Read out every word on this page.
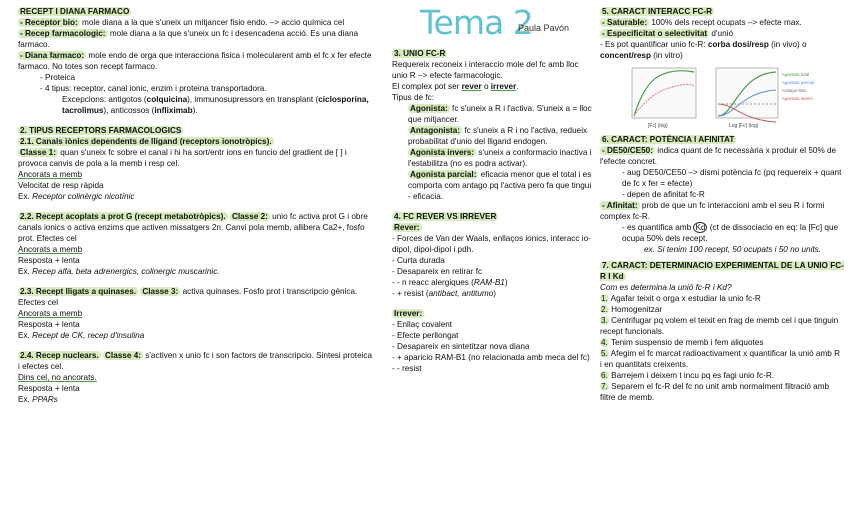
Tema 2
Paula Pavón

RECEPT I DIANA FARMACO

- Receptor bio: mole diana a la que s'uneix un mitjancer fisio endo. –> accio química cel

- Recep farmacologic: mole diana a la que s'uneix un fc i desencadena acció. Es una diana farmaco.

- Diana farmaco: mole endo de orga que interacciona fisica i molecularent amb el fc x fer efecte farmaco. No totes son recept farmaco.

- Proteica

- 4 tipus: receptor, canal ionic, enzim i proteina transportadora.

Excepcions: antigotos (colquicina), immunosupressors en transplant (ciclosporina, tacrolimus), anticossos (infliximab).

2. TIPUS RECEPTORS FARMACOLOGICS

2.1. Canals iònics dependents de lligand (receptors ionotròpics).

Classe 1: quan s'uneix fc sobre el canal i hi ha sort/entr ions en funcio del gradient de [ ] i provoca canvis de pola a la memb i resp cel.

Ancorats a memb

Velocitat de resp ràpida

Ex. Receptor colinèrgic nicotínic

2.2. Recept acoplats a prot G (recept metabotròpics). Classe 2: unio fc activa prot G i obre canals ionics o activa enzims que activen missatgers 2n. Canvi pola memb, allibera Ca2+, fosfo prot. Efectes cel

Ancorats a memb

Resposta + lenta

Ex. Recep alfa, beta adrenergics, colinergic muscarinic.

2.3. Recept lligats a quinases. Classe 3: activa quinases. Fosfo prot i transcripcio gènica. Efectes cel

Ancorats a memb

Resposta + lenta

Ex. Recept de CK, recep d'insulina

2.4. Recep nuclears. Classe 4: s'activen x unio fc i son factors de transcripcio. Sintesi proteica i efectes cel.

Dins cel, no ancorats.

Resposta + lenta

Ex. PPARs

3. UNIO FC-R

Requereix reconeix i interaccio mole del fc amb lloc unio R –> efecte farmacologic.

El complex pot ser rever o irrever.

Tipus de fc:

Agonista: fc s'uneix a R i l'activa. S'uneix a = lloc que mitjancer.

Antagonista: fc s'uneix a R i no l'activa, redueix probabilitat d'unio del lligand endogen.

Agonista invers: s'uneix a conformacio inactiva i l'estabilitza (no es podra activar).

Agonista parcial: eficacia menor que el total i es comporta com antago pq l'activa pero fa que tingui - eficacia.

4. FC REVER VS IRREVER

Rever:

- Forces de Van der Waals, enllaços ionics, interacc io-dipol, dipol-dipol i pdh.

- Curta durada

- Desapareix en retirar fc

- - n reacc alergiques (RAM-B1)

- + resist (antibact, antitumo)

Irrever:

- Enllaç covalent

- Efecte perllongat

- Desapareix en sintetitzar nova diana

- + aparicio RAM-B1 (no relacionada amb meca del fc)

- - resist

5. CARACT INTERACC FC-R

- Saturable: 100% dels recept ocupats –> efecte max.

- Especificitat o selectivitat d'unió

- Es pot quantificar unio fc-R: corba dosi/resp (in vivo) o concent/resp (in vitro)

[Fc] (log)	Log [Fc] (log)
Agonista total
Agonista parcial
Antagonista
Agonista invers

6. CARACT: POTÈNCIA I AFINITAT

- DE50/CE50: indica quant de fc necessària x produir el 50% de l'efecte concret.

- aug DE50/CE50 –> dismi potència fc (pq requereix + quant de fc x fer = efecte)

- depen de afinitat fc-R

- Afinitat: prob de que un fc interaccioni amb el seu R i formi complex fc-R.

- es quantifica amb Kd (ct de dissociacio en eq: la [Fc] que ocupa 50% dels recept.

ex. Si tenim 100 recept, 50 ocupats i 50 no units.

7. CARACT: DETERMINACIO EXPERIMENTAL DE LA UNIO FC-R I Kd

Com es determina la unió fc-R i Kd?

1. Agafar teixit o orga x estudiar la unio fc-R

2. Homogenitzar

3. Centrifugar pq volem el teixit en frag de memb cel i que tinguin recept funcionals.

4. Tenim suspensio de memb i fem aliquotes

5. Afegim el fc marcat radioactivament x quantificar la unió amb R i en quantitats creixents.

6. Barrejem i deixem t incu pq es fagi unio fc-R.

7. Separem el fc-R del fc no unit amb normalment filtració amb filtre de memb.
